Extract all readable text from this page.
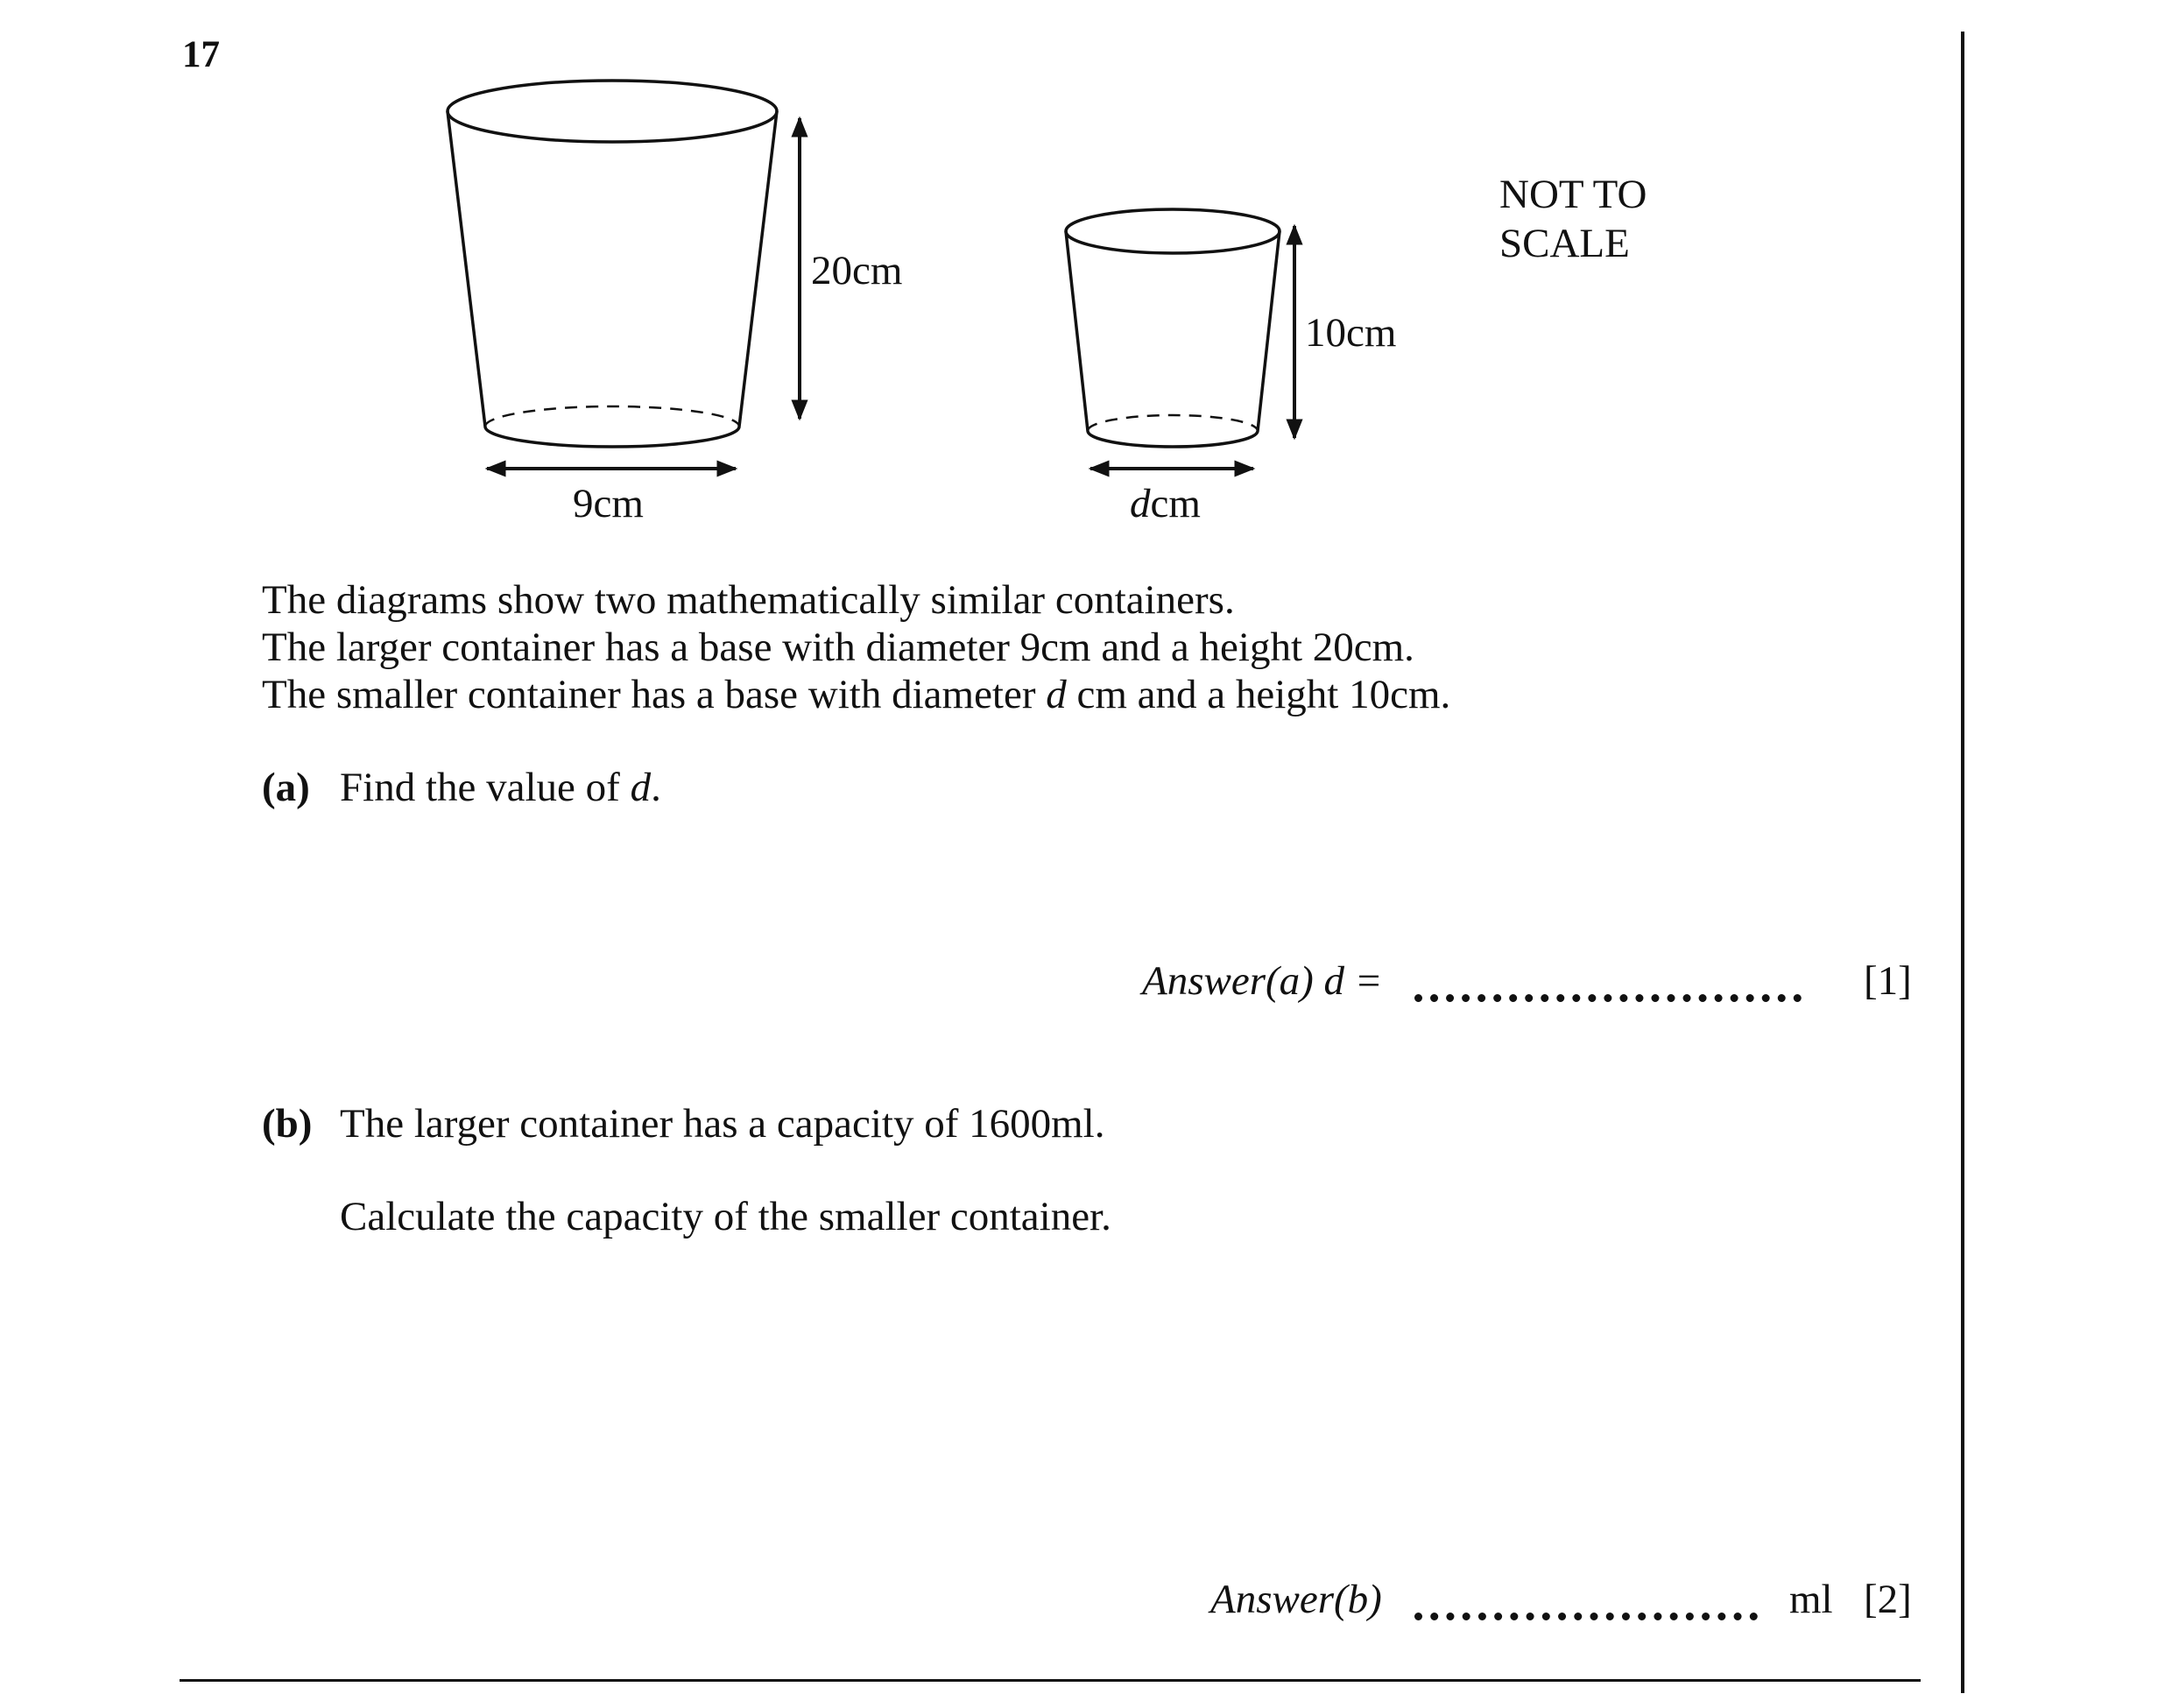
17
20cm
9cm
10cm
dcm
NOT TO
SCALE
The diagrams show two mathematically similar containers.
The larger container has a base with diameter 9cm and a height 20cm.
The smaller container has a base with diameter d cm and a height 10cm.
(a) Find the value of d.
Answer(a) d =	[1]
(b) The larger container has a capacity of 1600ml.
Calculate the capacity of the smaller container.
Answer(b)	ml [2]
